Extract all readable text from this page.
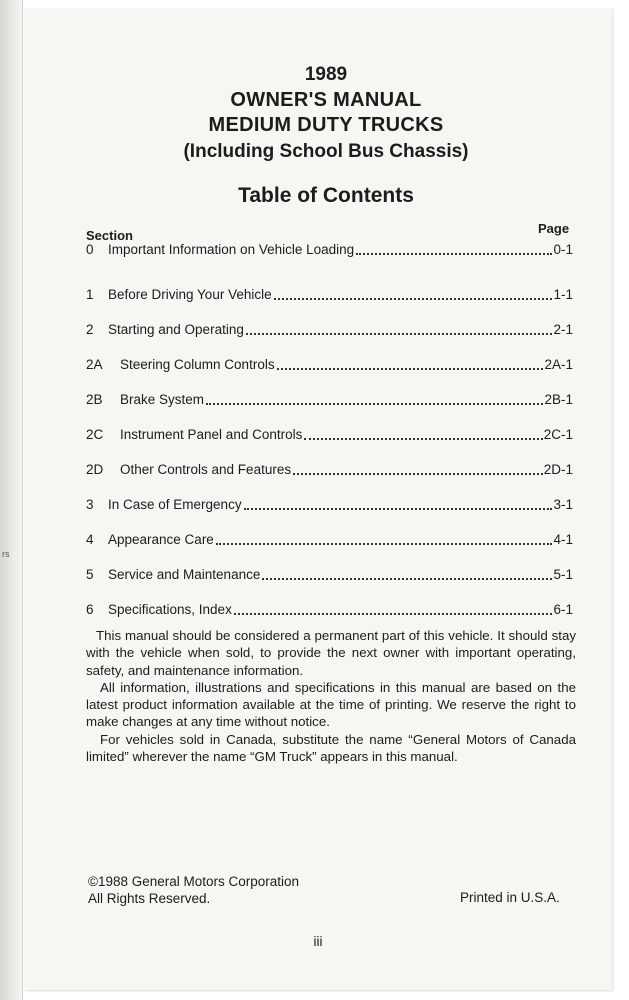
rs
1989
OWNER'S MANUAL
MEDIUM DUTY TRUCKS
(Including School Bus Chassis)
Table of Contents
Section	Page
0	Important Information on Vehicle Loading	0-1
1	Before Driving Your Vehicle	1-1
2	Starting and Operating	2-1
2A	Steering Column Controls	2A-1
2B	Brake System	2B-1
2C	Instrument Panel and Controls	2C-1
2D	Other Controls and Features	2D-1
3	In Case of Emergency	3-1
4	Appearance Care	4-1
5	Service and Maintenance	5-1
6	Specifications, Index	6-1

This manual should be considered a permanent part of this vehicle. It should stay with the vehicle when sold, to provide the next owner with important operating, safety, and maintenance information.

All information, illustrations and specifications in this manual are based on the latest product information available at the time of printing. We reserve the right to make changes at any time without notice.

For vehicles sold in Canada, substitute the name “General Motors of Canada limited” wherever the name “GM Truck” appears in this manual.

©1988 General Motors Corporation
All Rights Reserved.	Printed in U.S.A.
iii
